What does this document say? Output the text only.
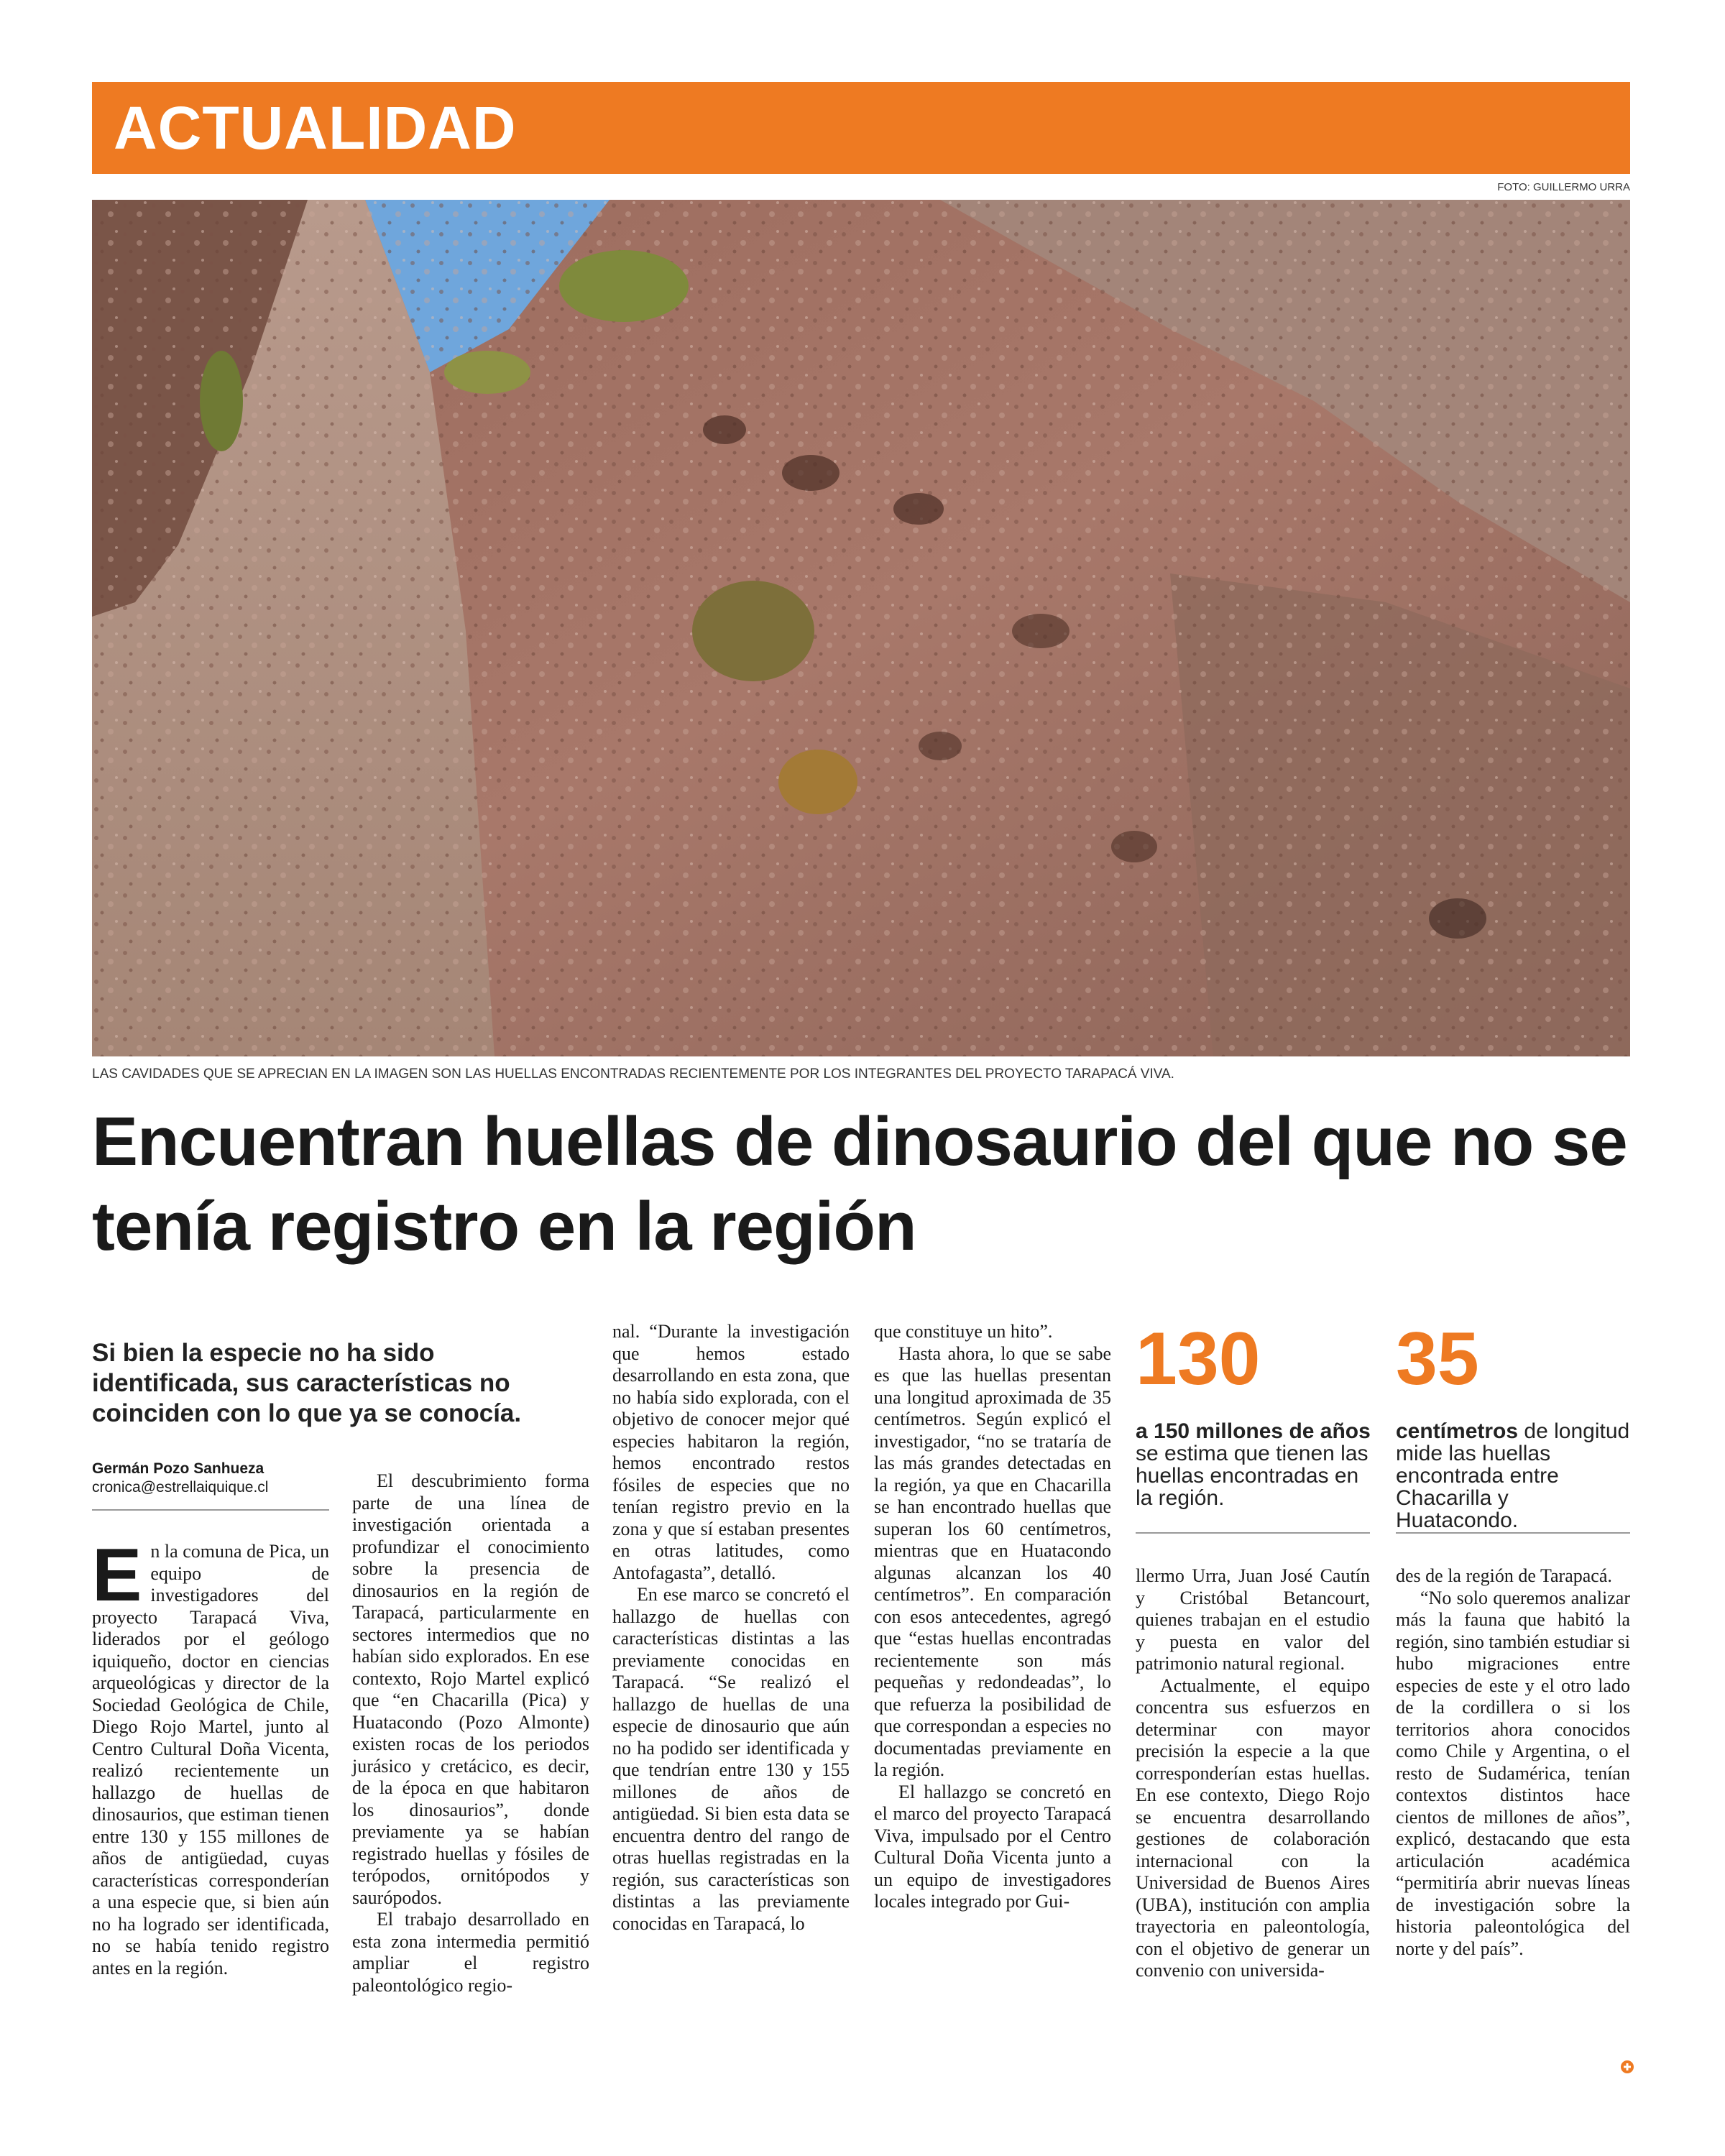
ACTUALIDAD
FOTO: GUILLERMO URRA
LAS CAVIDADES QUE SE APRECIAN EN LA IMAGEN SON LAS HUELLAS ENCONTRADAS RECIENTEMENTE POR LOS INTEGRANTES DEL PROYECTO TARAPACÁ VIVA.
Encuentran huellas de dinosaurio del que no se tenía registro en la región

Si bien la especie no ha sido identificada, sus características no coinciden con lo que ya se conocía.

Germán Pozo Sanhueza
cronica@estrellaiquique.cl

En la comuna de Pica, un equipo de investigadores del proyecto Tarapacá Viva, liderados por el geólogo iquiqueño, doctor en ciencias arqueológicas y director de la Sociedad Geológica de Chile, Diego Rojo Martel, junto al Centro Cultural Doña Vicenta, realizó recientemente un hallazgo de huellas de dinosaurios, que estiman tienen entre 130 y 155 millones de años de antigüedad, cuyas características corresponderían a una especie que, si bien aún no ha logrado ser identificada, no se había tenido registro antes en la región.

El descubrimiento forma parte de una línea de investigación orientada a profundizar el conocimiento sobre la presencia de dinosaurios en la región de Tarapacá, particularmente en sectores intermedios que no habían sido explorados. En ese contexto, Rojo Martel explicó que “en Chacarilla (Pica) y Huatacondo (Pozo Almonte) existen rocas de los periodos jurásico y cretácico, es decir, de la época en que habitaron los dinosaurios”, donde previamente ya se habían registrado huellas y fósiles de terópodos, ornitópodos y saurópodos.

El trabajo desarrollado en esta zona intermedia permitió ampliar el registro paleontológico regio-

nal. “Durante la investigación que hemos estado desarrollando en esta zona, que no había sido explorada, con el objetivo de conocer mejor qué especies habitaron la región, hemos encontrado restos fósiles de especies que no tenían registro previo en la zona y que sí estaban presentes en otras latitudes, como Antofagasta”, detalló.

En ese marco se concretó el hallazgo de huellas con características distintas a las previamente conocidas en Tarapacá. “Se realizó el hallazgo de huellas de una especie de dinosaurio que aún no ha podido ser identificada y que tendrían entre 130 y 155 millones de años de antigüedad. Si bien esta data se encuentra dentro del rango de otras huellas registradas en la región, sus características son distintas a las previamente conocidas en Tarapacá, lo

que constituye un hito”.

Hasta ahora, lo que se sabe es que las huellas presentan una longitud aproximada de 35 centímetros. Según explicó el investigador, “no se trataría de las más grandes detectadas en la región, ya que en Chacarilla se han encontrado huellas que superan los 60 centímetros, mientras que en Huatacondo algunas alcanzan los 40 centímetros”. En comparación con esos antecedentes, agregó que “estas huellas encontradas recientemente son más pequeñas y redondeadas”, lo que refuerza la posibilidad de que correspondan a especies no documentadas previamente en la región.

El hallazgo se concretó en el marco del proyecto Tarapacá Viva, impulsado por el Centro Cultural Doña Vicenta junto a un equipo de investigadores locales integrado por Gui-

130
a 150 millones de años se estima que tienen las huellas encontradas en la región.
35
centímetros de longitud mide las huellas encontrada entre Chacarilla y Huatacondo.

llermo Urra, Juan José Cautín y Cristóbal Betancourt, quienes trabajan en el estudio y puesta en valor del patrimonio natural regional.

Actualmente, el equipo concentra sus esfuerzos en determinar con mayor precisión la especie a la que corresponderían estas huellas. En ese contexto, Diego Rojo se encuentra desarrollando gestiones de colaboración internacional con la Universidad de Buenos Aires (UBA), institución con amplia trayectoria en paleontología, con el objetivo de generar un convenio con universida-

des de la región de Tarapacá.

“No solo queremos analizar más la fauna que habitó la región, sino también estudiar si hubo migraciones entre especies de este y el otro lado de la cordillera o si los territorios ahora conocidos como Chile y Argentina, o el resto de Sudamérica, tenían contextos distintos hace cientos de millones de años”, explicó, destacando que esta articulación académica “permitiría abrir nuevas líneas de investigación sobre la historia paleontológica del norte y del país”.
